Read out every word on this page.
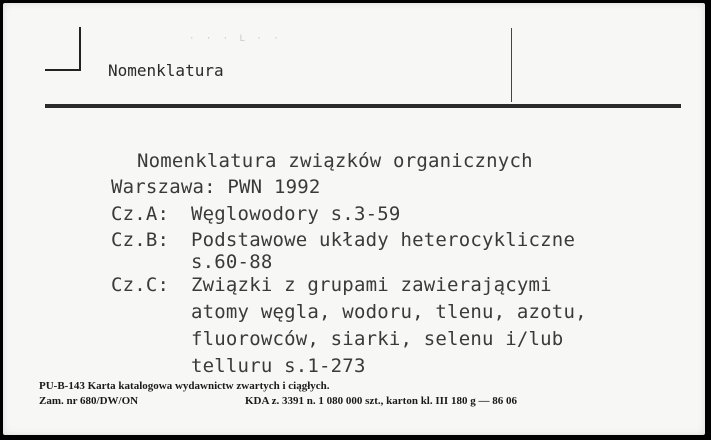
· · · L · ·
Nomenklatura
Nomenklatura związków organicznych
Warszawa: PWN 1992
Cz.A: Węglowodory s.3-59
Cz.B: Podstawowe układy heterocykliczne
s.60-88
Cz.C: Związki z grupami zawierającymi
atomy węgla, wodoru, tlenu, azotu,
fluorowców, siarki, selenu i/lub
telluru s.1-273
PU-B-143 Karta katalogowa wydawnictw zwartych i ciągłych.
Zam. nr 680/DW/ON	KDA z. 3391 n. 1 080 000 szt., karton kl. III 180 g — 86 06
